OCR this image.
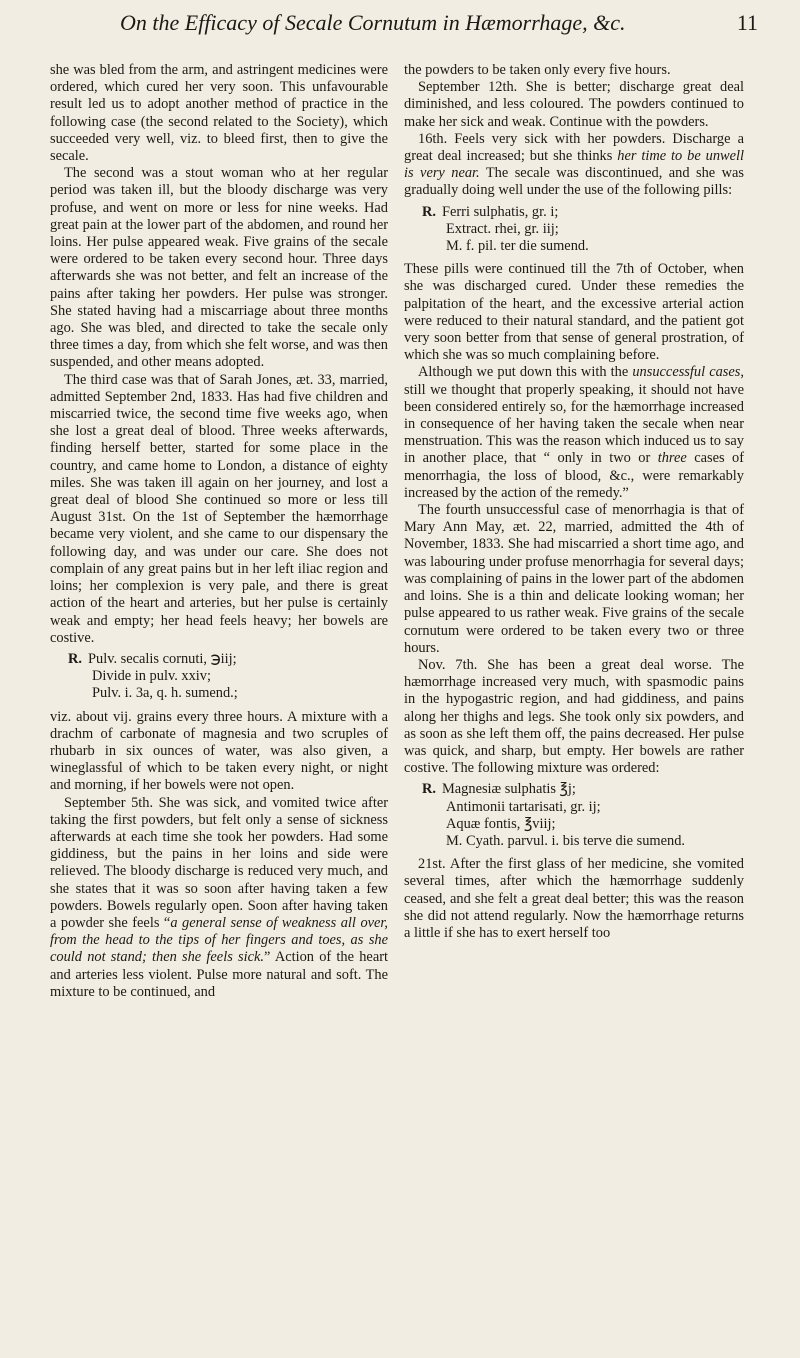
On the Efficacy of Secale Cornutum in Hæmorrhage, &c.	11

she was bled from the arm, and astringent medicines were ordered, which cured her very soon. This unfavourable result led us to adopt another method of practice in the following case (the second related to the Society), which succeeded very well, viz. to bleed first, then to give the secale.

The second was a stout woman who at her regular period was taken ill, but the bloody discharge was very profuse, and went on more or less for nine weeks. Had great pain at the lower part of the abdomen, and round her loins. Her pulse appeared weak. Five grains of the secale were ordered to be taken every second hour. Three days afterwards she was not better, and felt an increase of the pains after taking her powders. Her pulse was stronger. She stated having had a miscarriage about three months ago. She was bled, and directed to take the secale only three times a day, from which she felt worse, and was then suspended, and other means adopted.

The third case was that of Sarah Jones, æt. 33, married, admitted September 2nd, 1833. Has had five children and miscarried twice, the second time five weeks ago, when she lost a great deal of blood. Three weeks afterwards, finding herself better, started for some place in the country, and came home to London, a distance of eighty miles. She was taken ill again on her journey, and lost a great deal of blood She continued so more or less till August 31st. On the 1st of September the hæmorrhage became very violent, and she came to our dispensary the following day, and was under our care. She does not complain of any great pains but in her left iliac region and loins; her complexion is very pale, and there is great action of the heart and arteries, but her pulse is certainly weak and empty; her head feels heavy; her bowels are costive.

R. Pulv. secalis cornuti, ℈iij;

Divide in pulv. xxiv;

Pulv. i. 3a, q. h. sumend.;

viz. about vij. grains every three hours. A mixture with a drachm of carbonate of magnesia and two scruples of rhubarb in six ounces of water, was also given, a wineglassful of which to be taken every night, or night and morning, if her bowels were not open.

September 5th. She was sick, and vomited twice after taking the first powders, but felt only a sense of sickness afterwards at each time she took her powders. Had some giddiness, but the pains in her loins and side were relieved. The bloody discharge is reduced very much, and she states that it was so soon after having taken a few powders. Bowels regularly open. Soon after having taken a powder she feels “a general sense of weakness all over, from the head to the tips of her fingers and toes, as she could not stand; then she feels sick.” Action of the heart and arteries less violent. Pulse more natural and soft. The mixture to be continued, and

the powders to be taken only every five hours.

September 12th. She is better; discharge great deal diminished, and less coloured. The powders continued to make her sick and weak. Continue with the powders.

16th. Feels very sick with her powders. Discharge a great deal increased; but she thinks her time to be unwell is very near. The secale was discontinued, and she was gradually doing well under the use of the following pills:

R. Ferri sulphatis, gr. i;

Extract. rhei, gr. iij;

M. f. pil. ter die sumend.

These pills were continued till the 7th of October, when she was discharged cured. Under these remedies the palpitation of the heart, and the excessive arterial action were reduced to their natural standard, and the patient got very soon better from that sense of general prostration, of which she was so much complaining before.

Although we put down this with the unsuccessful cases, still we thought that properly speaking, it should not have been considered entirely so, for the hæmorrhage increased in consequence of her having taken the secale when near menstruation. This was the reason which induced us to say in another place, that “ only in two or three cases of menorrhagia, the loss of blood, &c., were remarkably increased by the action of the remedy.”

The fourth unsuccessful case of menorrhagia is that of Mary Ann May, æt. 22, married, admitted the 4th of November, 1833. She had miscarried a short time ago, and was labouring under profuse menorrhagia for several days; was complaining of pains in the lower part of the abdomen and loins. She is a thin and delicate looking woman; her pulse appeared to us rather weak. Five grains of the secale cornutum were ordered to be taken every two or three hours.

Nov. 7th. She has been a great deal worse. The hæmorrhage increased very much, with spasmodic pains in the hypogastric region, and had giddiness, and pains along her thighs and legs. She took only six powders, and as soon as she left them off, the pains decreased. Her pulse was quick, and sharp, but empty. Her bowels are rather costive. The following mixture was ordered:

R. Magnesiæ sulphatis ℥j;

Antimonii tartarisati, gr. ij;

Aquæ fontis, ℥viij;

M. Cyath. parvul. i. bis terve die sumend.

21st. After the first glass of her medicine, she vomited several times, after which the hæmorrhage suddenly ceased, and she felt a great deal better; this was the reason she did not attend regularly. Now the hæmorrhage returns a little if she has to exert herself too
